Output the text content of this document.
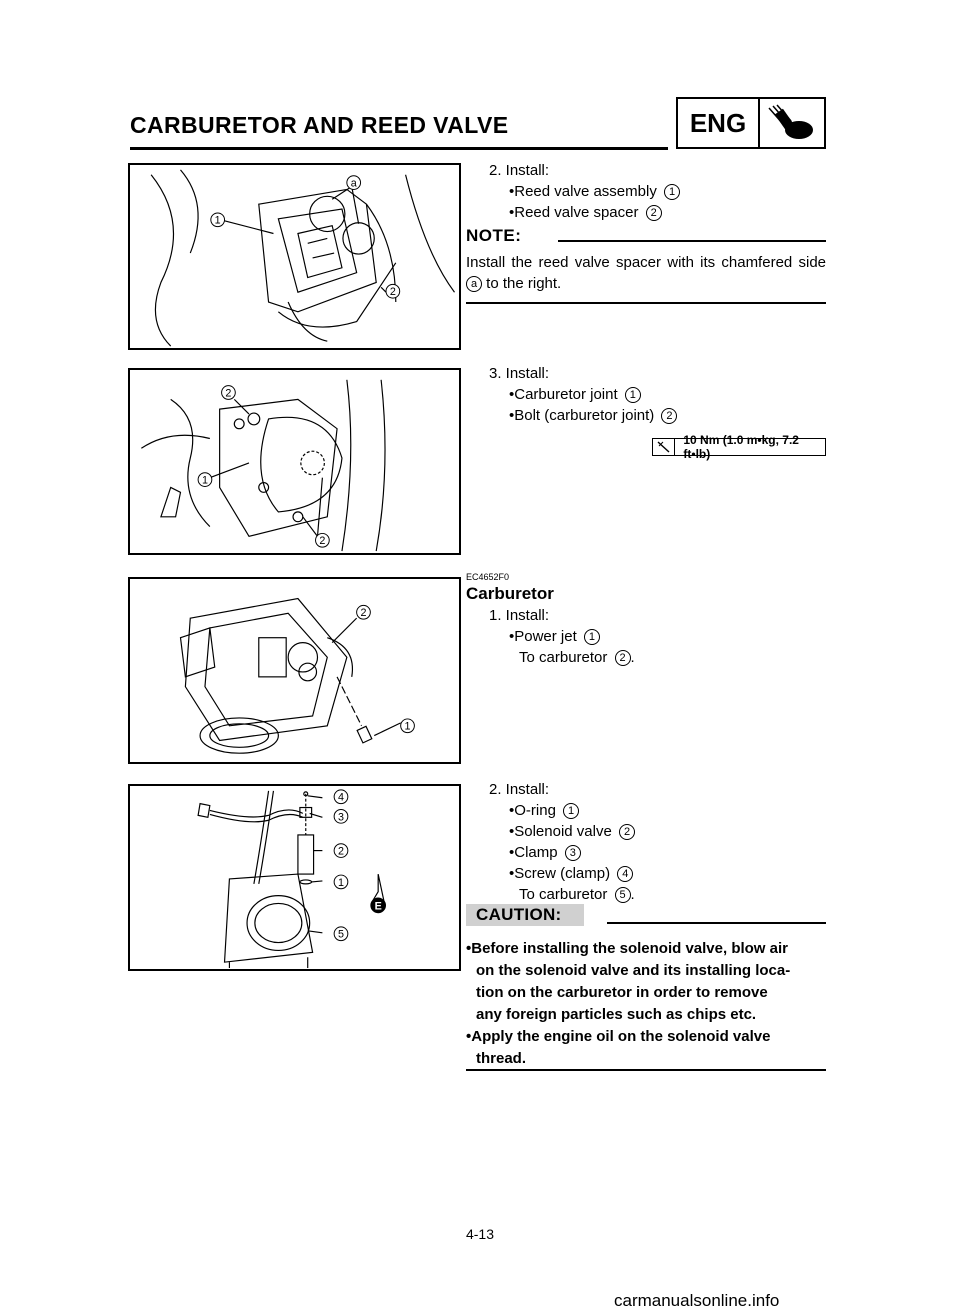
CARBURETOR AND REED VALVE	ENG
a
1
2
2
1
2
2
1
4
3
2
1
5
E
2. Install:
•Reed valve assembly 1
•Reed valve spacer 2
NOTE:
Install the reed valve spacer with its chamfered side a to the right.
3. Install:
•Carburetor joint 1
•Bolt (carburetor joint) 2
10 Nm (1.0 m•kg, 7.2 ft•lb)
EC4652F0
Carburetor
1. Install:
•Power jet 1
To carburetor 2 .
2. Install:
•O-ring 1
•Solenoid valve 2
•Clamp 3
•Screw (clamp) 4
To carburetor 5 .
CAUTION:
•Before installing the solenoid valve, blow air
on the solenoid valve and its installing loca-
tion on the carburetor in order to remove
any foreign particles such as chips etc.
•Apply the engine oil on the solenoid valve
thread.
4-13
carmanualsonline.info
